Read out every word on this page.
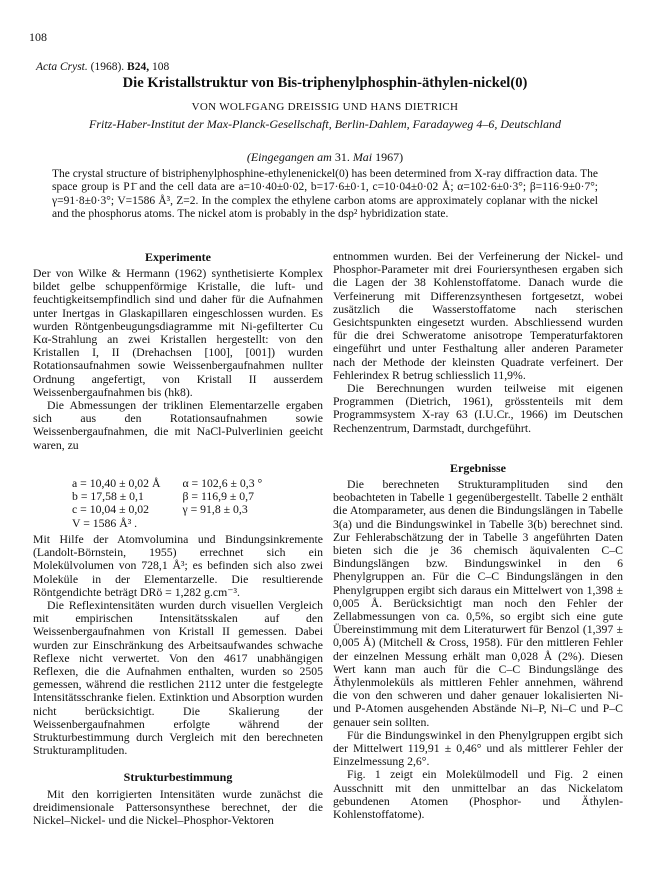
108
Acta Cryst. (1968). B24, 108
Die Kristallstruktur von Bis-triphenylphosphin-äthylen-nickel(0)
VON WOLFGANG DREISSIG UND HANS DIETRICH
Fritz-Haber-Institut der Max-Planck-Gesellschaft, Berlin-Dahlem, Faradayweg 4–6, Deutschland
(Eingegangen am 31. Mai 1967)
The crystal structure of bistriphenylphosphine-ethylenenickel(0) has been determined from X-ray diffraction data. The space group is P1̄ and the cell data are a=10·40±0·02, b=17·6±0·1, c=10·04±0·02 Å; α=102·6±0·3°; β=116·9±0·7°; γ=91·8±0·3°; V=1586 Å³, Z=2. In the complex the ethylene carbon atoms are approximately coplanar with the nickel and the phosphorus atoms. The nickel atom is probably in the dsp² hybridization state.
Experimente

Der von Wilke & Hermann (1962) synthetisierte Komplex bildet gelbe schuppenförmige Kristalle, die luft- und feuchtigkeitsempfindlich sind und daher für die Aufnahmen unter Inertgas in Glaskapillaren eingeschlossen wurden. Es wurden Röntgenbeugungsdiagramme mit Ni-gefilterter Cu Kα-Strahlung an zwei Kristallen hergestellt: von den Kristallen I, II (Drehachsen [100], [001]) wurden Rotationsaufnahmen sowie Weissenbergaufnahmen nullter Ordnung angefertigt, von Kristall II ausserdem Weissenbergaufnahmen bis (hk8).

Die Abmessungen der triklinen Elementarzelle ergaben sich aus den Rotationsaufnahmen sowie Weissenbergaufnahmen, die mit NaCl-Pulverlinien geeicht waren, zu

a = 10,40 ± 0,02 Å	α = 102,6 ± 0,3 °
b = 17,58 ± 0,1	β = 116,9 ± 0,7
c = 10,04 ± 0,02	γ = 91,8 ± 0,3
V = 1586 Å³ .	

Mit Hilfe der Atomvolumina und Bindungsinkremente (Landolt-Börnstein, 1955) errechnet sich ein Molekülvolumen von 728,1 Å³; es befinden sich also zwei Moleküle in der Elementarzelle. Die resultierende Röntgendichte beträgt DRö = 1,282 g.cm⁻³.

Die Reflexintensitäten wurden durch visuellen Vergleich mit empirischen Intensitätsskalen auf den Weissenbergaufnahmen von Kristall II gemessen. Dabei wurden zur Einschränkung des Arbeitsaufwandes schwache Reflexe nicht verwertet. Von den 4617 unabhängigen Reflexen, die die Aufnahmen enthalten, wurden so 2505 gemessen, während die restlichen 2112 unter die festgelegte Intensitätsschranke fielen. Extinktion und Absorption wurden nicht berücksichtigt. Die Skalierung der Weissenbergaufnahmen erfolgte während der Strukturbestimmung durch Vergleich mit den berechneten Strukturamplituden.

Strukturbestimmung

Mit den korrigierten Intensitäten wurde zunächst die dreidimensionale Pattersonsynthese berechnet, der die Nickel–Nickel- und die Nickel–Phosphor-Vektoren

entnommen wurden. Bei der Verfeinerung der Nickel- und Phosphor-Parameter mit drei Fouriersynthesen ergaben sich die Lagen der 38 Kohlenstoffatome. Danach wurde die Verfeinerung mit Differenzsynthesen fortgesetzt, wobei zusätzlich die Wasserstoffatome nach sterischen Gesichtspunkten eingesetzt wurden. Abschliessend wurden für die drei Schweratome anisotrope Temperaturfaktoren eingeführt und unter Festhaltung aller anderen Parameter nach der Methode der kleinsten Quadrate verfeinert. Der Fehlerindex R betrug schliesslich 11,9%.

Die Berechnungen wurden teilweise mit eigenen Programmen (Dietrich, 1961), grösstenteils mit dem Programmsystem X-ray 63 (I.U.Cr., 1966) im Deutschen Rechenzentrum, Darmstadt, durchgeführt.

Ergebnisse

Die berechneten Strukturamplituden sind den beobachteten in Tabelle 1 gegenübergestellt. Tabelle 2 enthält die Atomparameter, aus denen die Bindungslängen in Tabelle 3(a) und die Bindungswinkel in Tabelle 3(b) berechnet sind. Zur Fehlerabschätzung der in Tabelle 3 angeführten Daten bieten sich die je 36 chemisch äquivalenten C–C Bindungslängen bzw. Bindungswinkel in den 6 Phenylgruppen an. Für die C–C Bindungslängen in den Phenylgruppen ergibt sich daraus ein Mittelwert von 1,398 ± 0,005 Å. Berücksichtigt man noch den Fehler der Zellabmessungen von ca. 0,5%, so ergibt sich eine gute Übereinstimmung mit dem Literaturwert für Benzol (1,397 ± 0,005 Å) (Mitchell & Cross, 1958). Für den mittleren Fehler der einzelnen Messung erhält man 0,028 Å (2%). Diesen Wert kann man auch für die C–C Bindungslänge des Äthylenmoleküls als mittleren Fehler annehmen, während die von den schweren und daher genauer lokalisierten Ni- und P-Atomen ausgehenden Abstände Ni–P, Ni–C und P–C genauer sein sollten.

Für die Bindungswinkel in den Phenylgruppen ergibt sich der Mittelwert 119,91 ± 0,46° und als mittlerer Fehler der Einzelmessung 2,6°.

Fig. 1 zeigt ein Molekülmodell und Fig. 2 einen Ausschnitt mit den unmittelbar an das Nickelatom gebundenen Atomen (Phosphor- und Äthylen-Kohlenstoffatome).
